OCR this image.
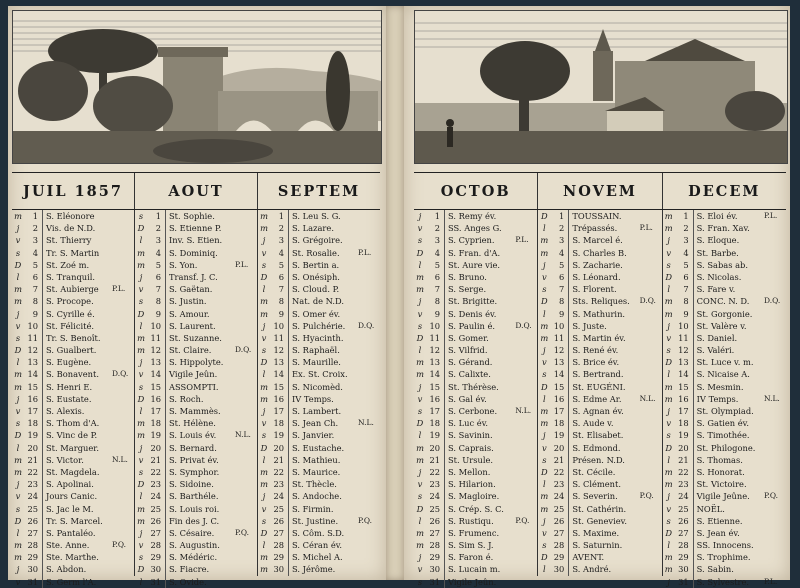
JUIL 1857	AOUT	SEPTEM
m	1 S. Eléonore
j	2 Vis. de N.D.
v	3 St. Thierry
s	4 Tr. S. Martin
D	5 St. Zoé m.
l	6 S. Tranquil.
m	7 St. Aubierge	P.L.
m	8 S. Procope.
j	9 S. Cyrille é.
v 10 St. Félicité.
s 11 Tr. S. Benoît.
D 12 S. Gualbert.
l 13 S. Eugène.
m 14 S. Bonavent.	D.Q.
m 15 S. Henri E.
j 16 S. Eustate.
v 17 S. Alexis.
s 18 S. Thom d'A.
D 19 S. Vinc de P.
l 20 St. Marguer.
m 21 S. Victor.	N.L.
m 22 St. Magdela.
j 23 S. Apolinai.
v 24 Jours Canic.
s 25 S. Jac le M.
D 26 Tr. S. Marcel.
l 27 S. Pantaléo.
m 28 Ste. Anne.	P.Q.
m 29 Ste. Marthe.
j 30 S. Abdon.
v 31 S. Germ l'A.
s	1 St. Sophie.
D	2 S. Etienne P.
l	3 Inv. S. Etien.
m	4 S. Dominiq.
m	5 S. Yon.	P.L.
j	6 Transf. J. C.
v	7 S. Gaëtan.
s	8 S. Justin.
D	9 S. Amour.
l 10 S. Laurent.
m 11 St. Suzanne.
m 12 St. Claire.	D.Q.
j 13 S. Hippolyte.
v 14 Vigile Jeûn.
s 15 ASSOMPTI.
D 16 S. Roch.
l 17 S. Mammès.
m 18 St. Hélène.
m 19 S. Louis év.	N.L.
j 20 S. Bernard.
v 21 S. Privat év.
s 22 S. Symphor.
D 23 S. Sidoine.
l 24 S. Barthéle.
m 25 S. Louis roi.
m 26 Fin des J. C.
j 27 S. Césaire.	P.Q.
v 28 S. Augustin.
s 29 S. Médéric.
D 30 S. Fiacre.
l 31 S. Ovide.
m	1 S. Leu S. G.
m	2 S. Lazare.
j	3 S. Grégoire.
v	4 St. Rosalie.	P.L.
s	5 S. Bertin a.
D	6 S. Onésiph.
l	7 S. Cloud. P.
m	8 Nat. de N.D.
m	9 S. Omer év.
j 10 S. Pulchérie.	D.Q.
v 11 S. Hyacinth.
s 12 S. Raphaël.
D 13 S. Maurille.
l 14 Ex. St. Croix.
m 15 S. Nicomèd.
m 16 IV Temps.
j 17 S. Lambert.
v 18 S. Jean Ch.	N.L.
s 19 S. Janvier.
D 20 S. Eustache.
l 21 S. Mathieu.
m 22 S. Maurice.
m 23 St. Thècle.
j 24 S. Andoche.
v 25 S. Firmin.
s 26 St. Justine.	P.Q.
D 27 S. Côm. S.D.
l 28 S. Céran év.
m 29 S. Michel A.
m 30 S. Jérôme.
OCTOB	NOVEM	DECEM
j	1 S. Remy év.
v	2 SS. Anges G.
s	3 S. Cyprien.	P.L.
D	4 S. Fran. d'A.
l	5 St. Aure vie.
m	6 S. Bruno.
m	7 S. Serge.
j	8 St. Brigitte.
v	9 S. Denis év.
s 10 S. Paulin é.	D.Q.
D 11 S. Gomer.
l 12 S. Vilfrid.
m 13 S. Gérand.
m 14 S. Calixte.
j 15 St. Thérèse.
v 16 S. Gal év.
s 17 S. Cerbone.	N.L.
D 18 S. Luc év.
l 19 S. Savinin.
m 20 S. Caprais.
m 21 St. Ursule.
j 22 S. Mellon.
v 23 S. Hilarion.
s 24 S. Magloire.
D 25 S. Crép. S. C.
l 26 S. Rustiqu.	P.Q.
m 27 S. Frumenc.
m 28 S. Sim S. J.
j 29 S. Faron é.
v 30 S. Lucain m.
s 31 Vigile Jeûn.
D	1 TOUSSAIN.
l	2 Trépassés.	P.L.
m	3 S. Marcel é.
m	4 S. Charles B.
j	5 S. Zacharie.
v	6 S. Léonard.
s	7 S. Florent.
D	8 Sts. Reliques.	D.Q.
l	9 S. Mathurin.
m 10 S. Juste.
m 11 S. Martin év.
j 12 S. René év.
v 13 S. Brice év.
s 14 S. Bertrand.
D 15 St. EUGÉNI.
l 16 S. Edme Ar.	N.L.
m 17 S. Agnan év.
m 18 S. Aude v.
j 19 St. Elisabet.
v 20 S. Edmond.
s 21 Présen. N.D.
D 22 St. Cécile.
l 23 S. Clément.
m 24 S. Severin.	P.Q.
m 25 St. Cathérin.
j 26 St. Geneviev.
v 27 S. Maxime.
s 28 S. Saturnin.
D 29 AVENT.
l 30 S. André.
m	1 S. Eloi év.	P.L.
m	2 S. Fran. Xav.
j	3 S. Eloque.
v	4 St. Barbe.
s	5 S. Sabas ab.
D	6 S. Nicolas.
l	7 S. Fare v.
m	8 CONC. N. D.	D.Q.
m	9 St. Gorgonie.
j 10 St. Valère v.
v 11 S. Daniel.
s 12 S. Valéri.
D 13 St. Luce v. m.
l 14 S. Nicaise A.
m 15 S. Mesmin.
m 16 IV Temps.	N.L.
j 17 St. Olympiad.
v 18 S. Gatien év.
s 19 S. Timothée.
D 20 St. Philogone.
l 21 S. Thomas.
m 22 S. Honorat.
m 23 St. Victoire.
j 24 Vigile Jeûne.	P.Q.
v 25 NOËL.
s 26 S. Etienne.
D 27 S. Jean év.
l 28 SS. Innocens.
m 29 S. Trophime.
m 30 S. Sabin.
j 31 S. Sylvestre.	P.L.
